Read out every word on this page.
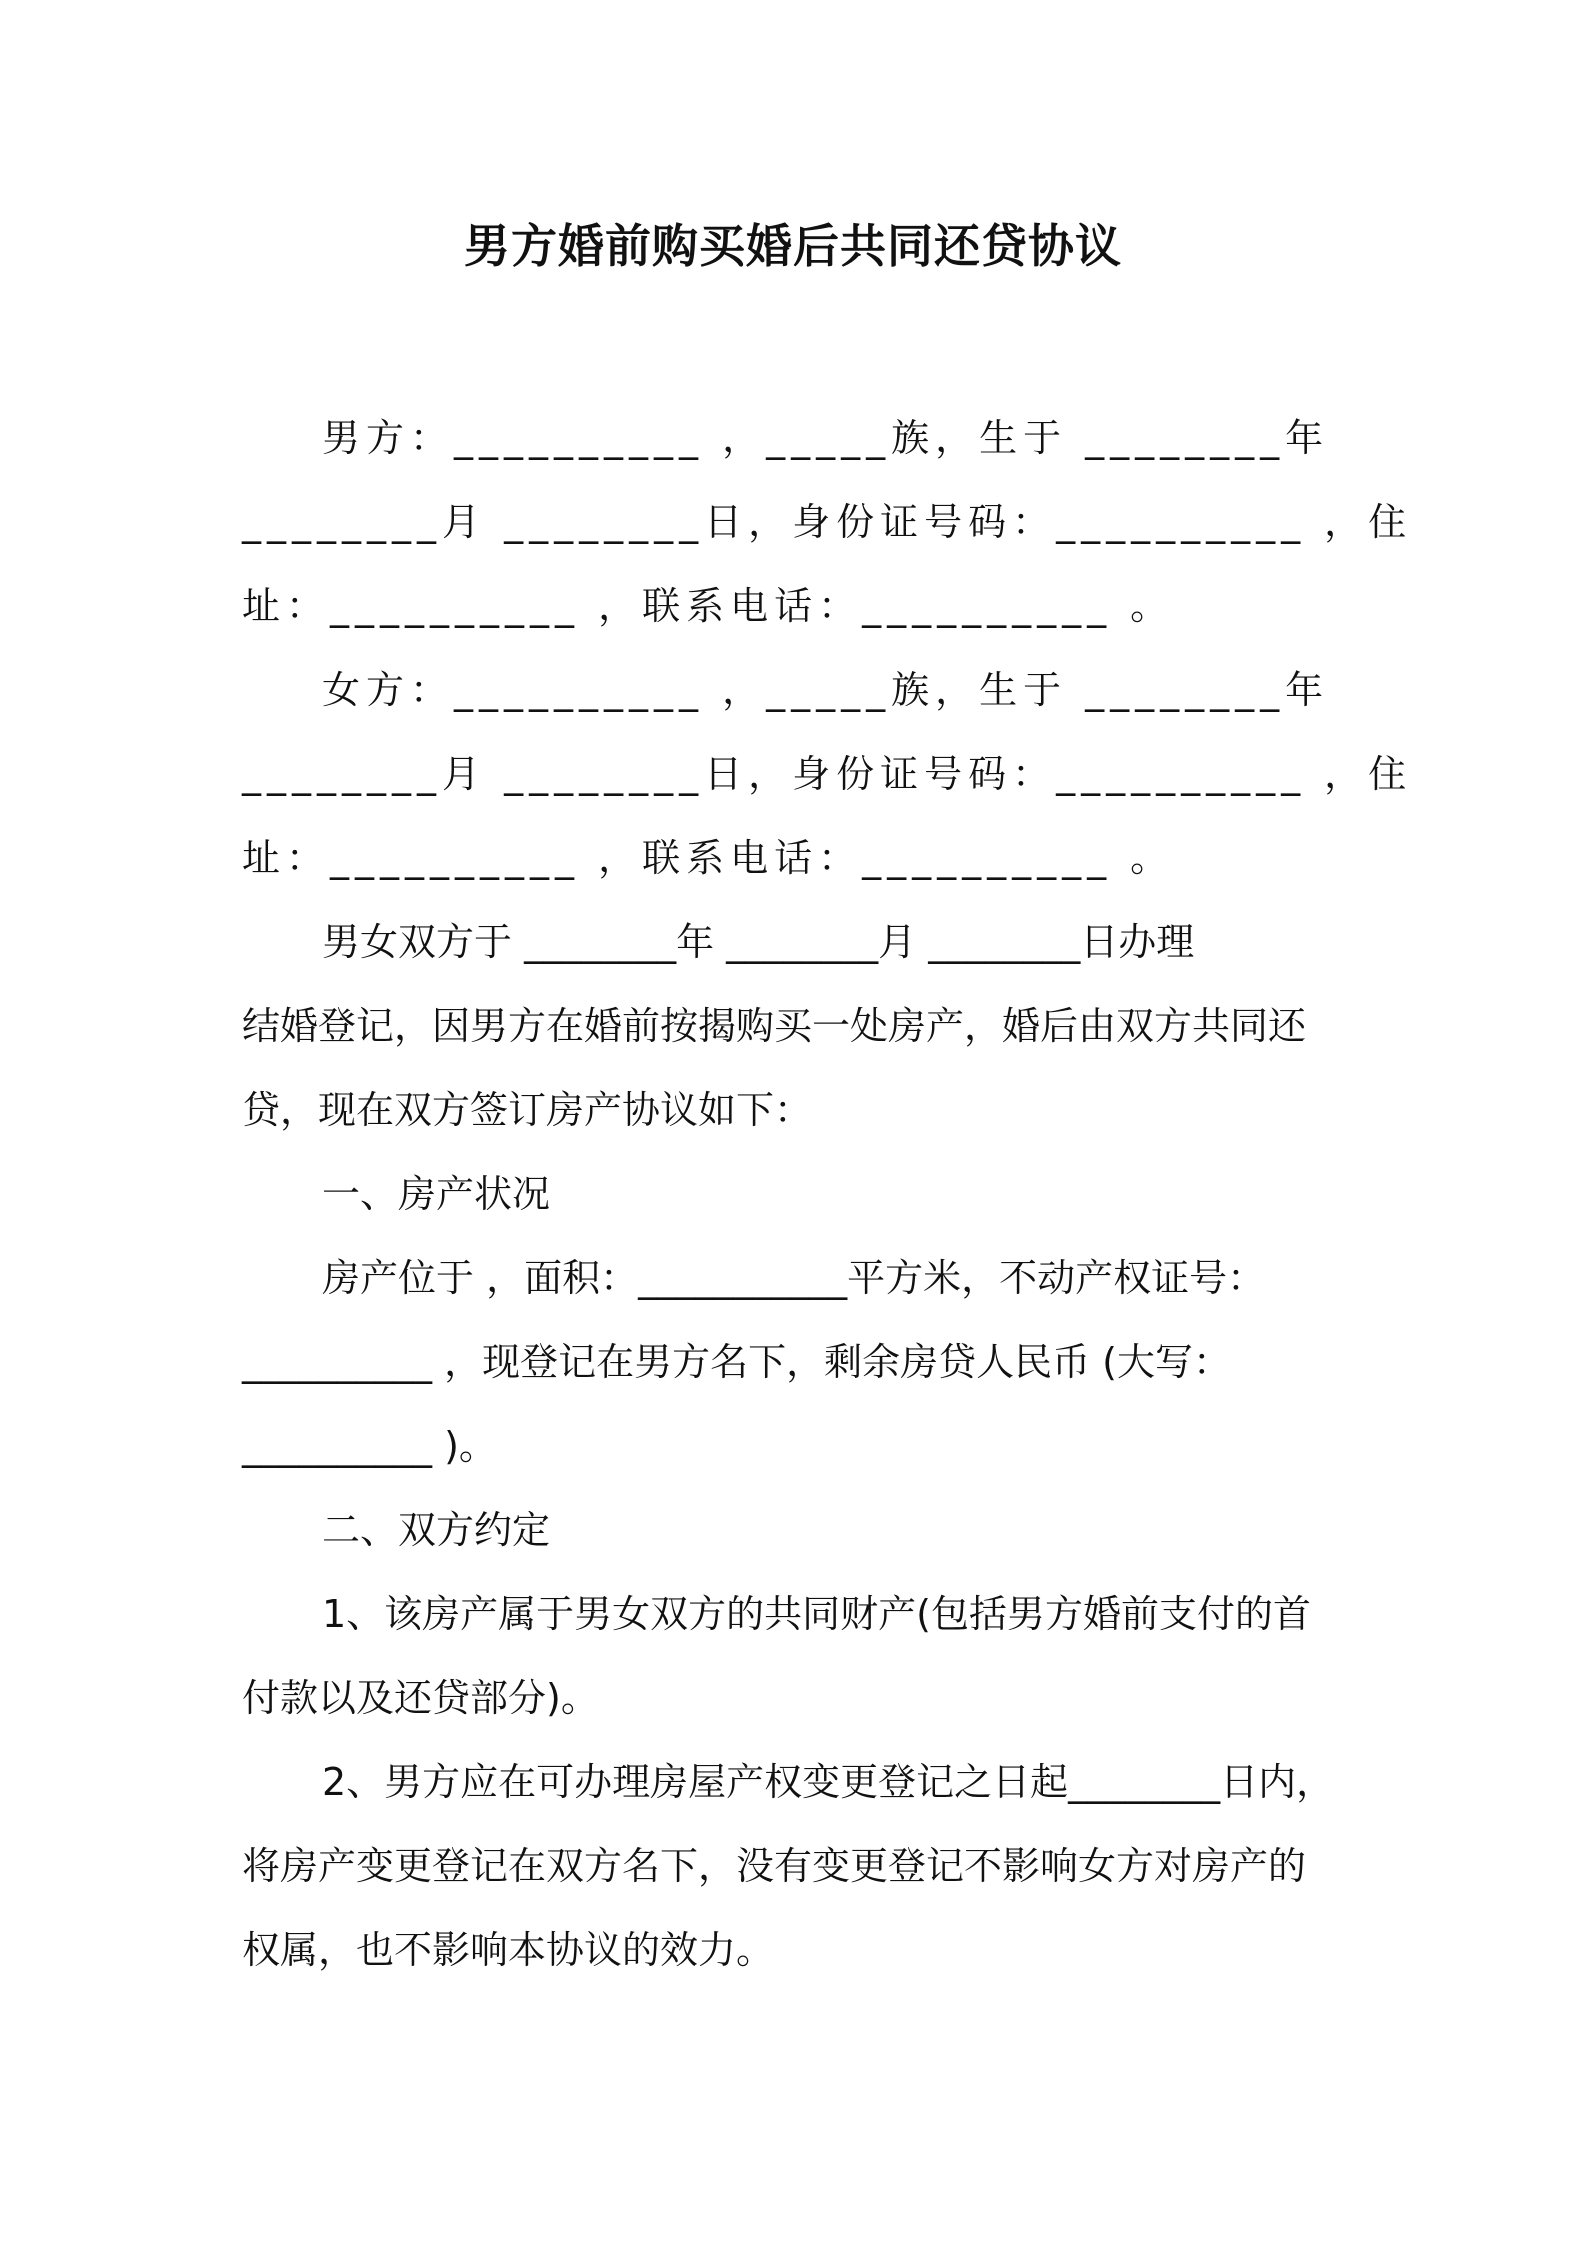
男方婚前购买婚后共同还贷协议
男方：__________ ，_____族，生于 ________年
________月 ________日，身份证号码：__________ ，住
址：__________ ，联系电话：__________ 。
女方：__________ ，_____族，生于 ________年
________月 ________日，身份证号码：__________ ，住
址：__________ ，联系电话：__________ 。
男女双方于 ________年 ________月 ________日办理
结婚登记，因男方在婚前按揭购买一处房产，婚后由双方共同还
贷，现在双方签订房产协议如下：
一、房产状况
房产位于 ，面积：___________平方米，不动产权证号：
__________ ，现登记在男方名下，剩余房贷人民币 (大写：
__________ )。
二、双方约定
1、该房产属于男女双方的共同财产(包括男方婚前支付的首
付款以及还贷部分)。
2、男方应在可办理房屋产权变更登记之日起________日内，
将房产变更登记在双方名下，没有变更登记不影响女方对房产的
权属，也不影响本协议的效力。
